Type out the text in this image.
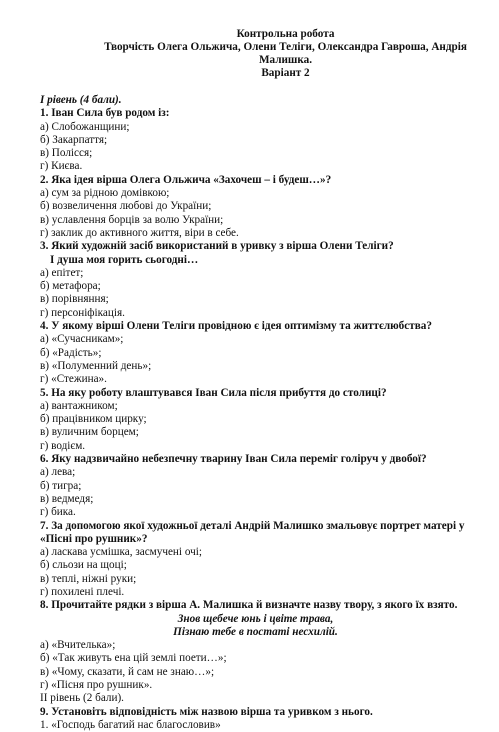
Контрольна робота
Творчість Олега Ольжича, Олени Теліги, Олександра Гавроша, Андрія Малишка.
Варіант 2
I рівень (4 бали).
1. Іван Сила був родом із:
а) Слобожанщини;
б) Закарпаття;
в) Полісся;
г) Києва.
2. Яка ідея вірша Олега Ольжича «Захочеш – і будеш…»?
а) сум за рідною домівкою;
б) возвеличення любові до України;
в) уславлення борців за волю України;
г) заклик до активного життя, віри в себе.
3. Який художній засіб використаний в уривку з вірша Олени Теліги?
І душа моя горить сьогодні…
а) епітет;
б) метафора;
в) порівняння;
г) персоніфікація.
4. У якому вірші Олени Теліги провідною є ідея оптимізму та життєлюбства?
а) «Сучасникам»;
б) «Радість»;
в) «Полуменний день»;
г) «Стежина».
5. На яку роботу влаштувався Іван Сила після прибуття до столиці?
а) вантажником;
б) працівником цирку;
в) вуличним борцем;
г) водієм.
6. Яку надзвичайно небезпечну тварину Іван Сила переміг голіруч у двобої?
а) лева;
б) тигра;
в) ведмедя;
г) бика.
7. За допомогою якої художньої деталі Андрій Малишко змальовує портрет матері у «Пісні про рушник»?
а) ласкава усмішка, засмучені очі;
б) сльози на щоці;
в) теплі, ніжні руки;
г) похилені плечі.
8. Прочитайте рядки з вірша А. Малишка й визначте назву твору, з якого їх взято.
Знов щебече юнь і цвіте трава,
Пізнаю тебе в постаті несхилій.
а) «Вчителька»;
б) «Так живуть ена цій землі поети…»;
в) «Чому, сказати, й сам не знаю…»;
г) «Пісня про рушник».
ІІ рівень (2 бали).
9. Установіть відповідність між назвою вірша та уривком з нього.
1. «Господь багатий нас благословив»
